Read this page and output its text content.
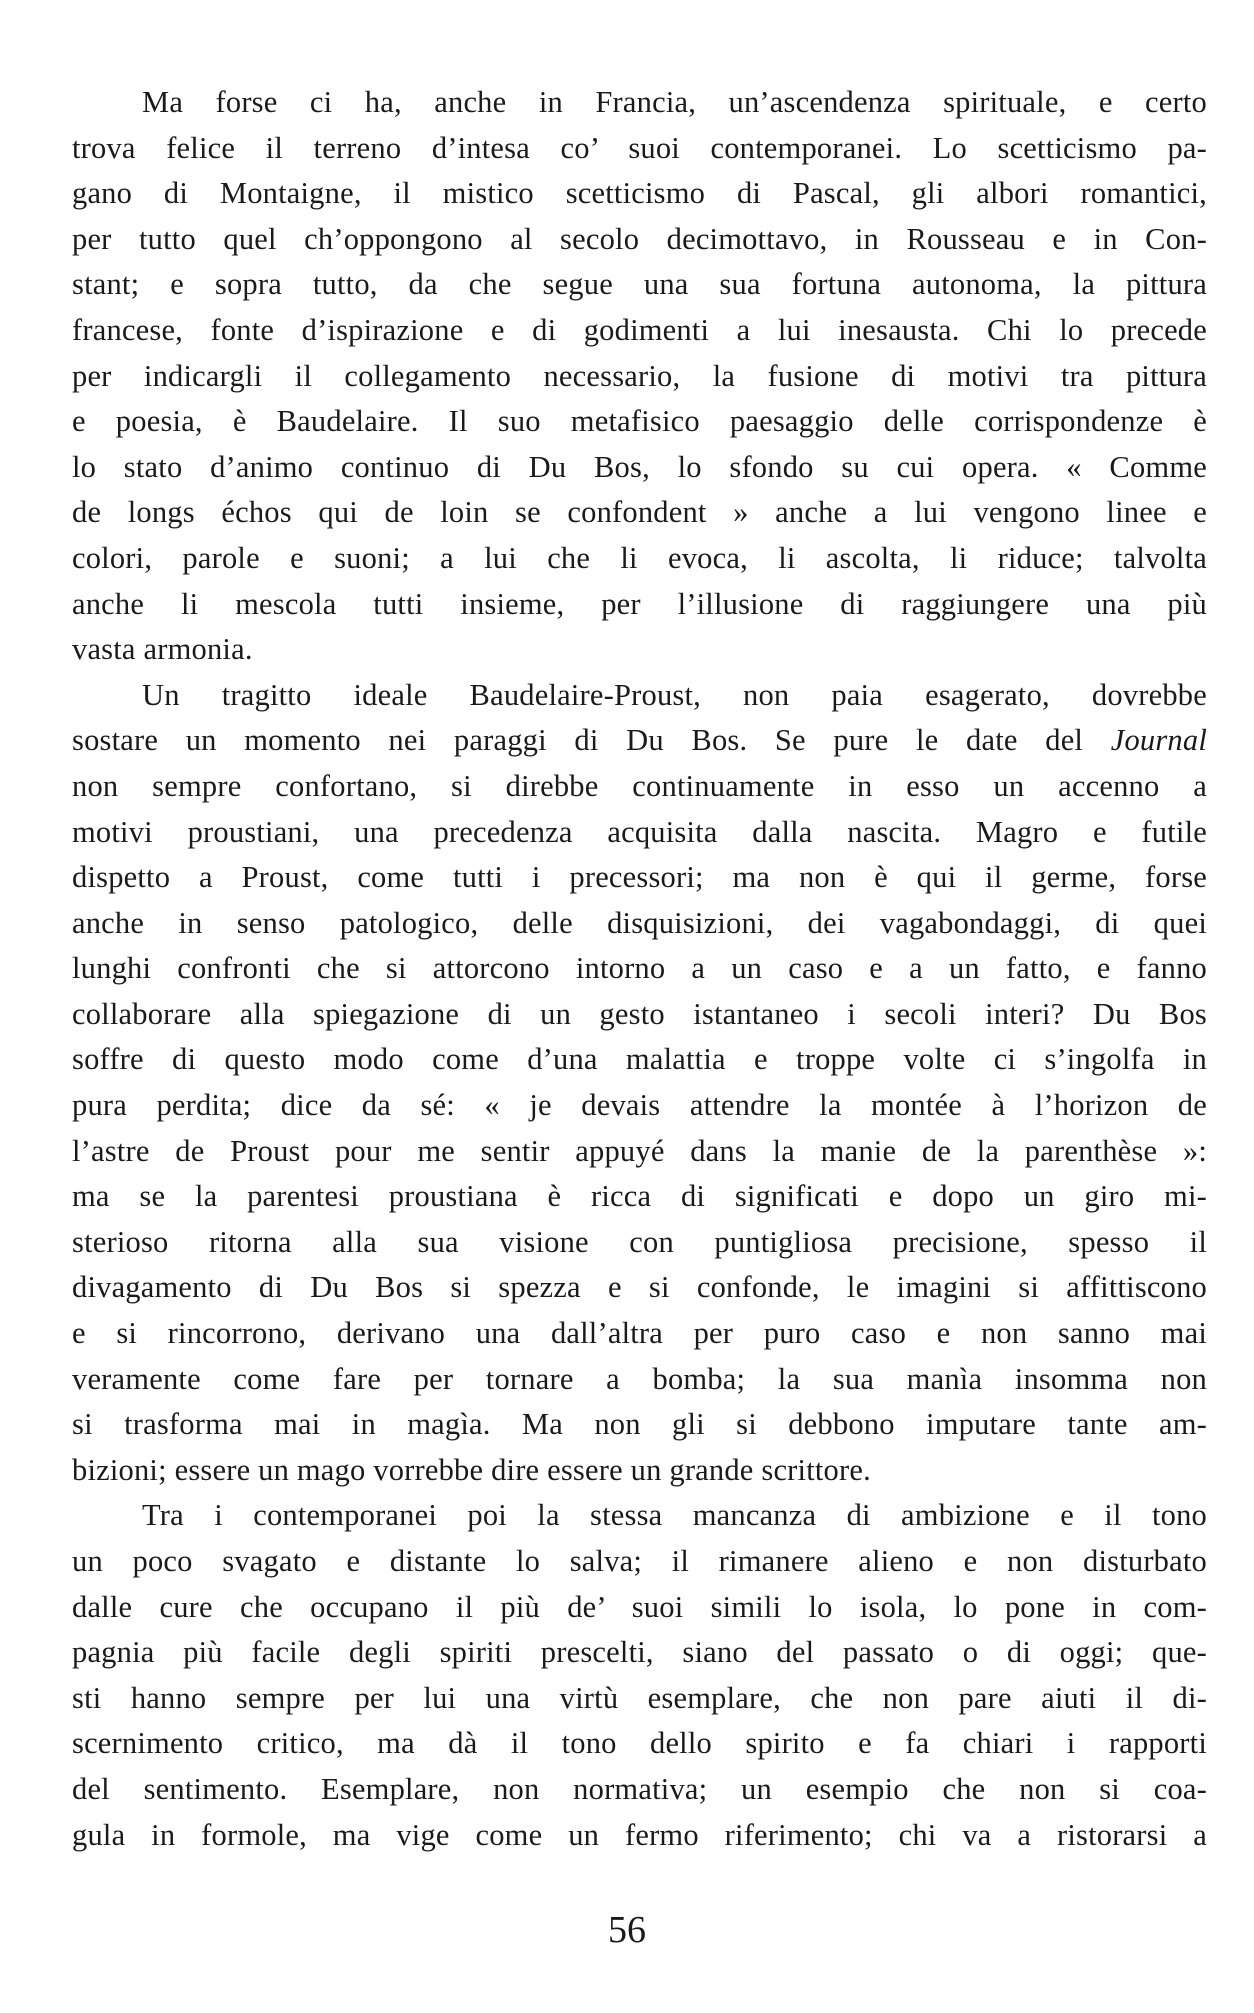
Ma forse ci ha, anche in Francia, un’ascendenza spirituale, e certo
trova felice il terreno d’intesa co’ suoi contemporanei. Lo scetticismo pa-
gano di Montaigne, il mistico scetticismo di Pascal, gli albori romantici,
per tutto quel ch’oppongono al secolo decimottavo, in Rousseau e in Con-
stant; e sopra tutto, da che segue una sua fortuna autonoma, la pittura
francese, fonte d’ispirazione e di godimenti a lui inesausta. Chi lo precede
per indicargli il collegamento necessario, la fusione di motivi tra pittura
e poesia, è Baudelaire. Il suo metafisico paesaggio delle corrispondenze è
lo stato d’animo continuo di Du Bos, lo sfondo su cui opera. « Comme
de longs échos qui de loin se confondent » anche a lui vengono linee e
colori, parole e suoni; a lui che li evoca, li ascolta, li riduce; talvolta
anche li mescola tutti insieme, per l’illusione di raggiungere una più
vasta armonia.
Un tragitto ideale Baudelaire-Proust, non paia esagerato, dovrebbe
sostare un momento nei paraggi di Du Bos. Se pure le date del Journal
non sempre confortano, si direbbe continuamente in esso un accenno a
motivi proustiani, una precedenza acquisita dalla nascita. Magro e futile
dispetto a Proust, come tutti i precessori; ma non è qui il germe, forse
anche in senso patologico, delle disquisizioni, dei vagabondaggi, di quei
lunghi confronti che si attorcono intorno a un caso e a un fatto, e fanno
collaborare alla spiegazione di un gesto istantaneo i secoli interi? Du Bos
soffre di questo modo come d’una malattia e troppe volte ci s’ingolfa in
pura perdita; dice da sé: « je devais attendre la montée à l’horizon de
l’astre de Proust pour me sentir appuyé dans la manie de la parenthèse »:
ma se la parentesi proustiana è ricca di significati e dopo un giro mi-
sterioso ritorna alla sua visione con puntigliosa precisione, spesso il
divagamento di Du Bos si spezza e si confonde, le imagini si affittiscono
e si rincorrono, derivano una dall’altra per puro caso e non sanno mai
veramente come fare per tornare a bomba; la sua manìa insomma non
si trasforma mai in magìa. Ma non gli si debbono imputare tante am-
bizioni; essere un mago vorrebbe dire essere un grande scrittore.
Tra i contemporanei poi la stessa mancanza di ambizione e il tono
un poco svagato e distante lo salva; il rimanere alieno e non disturbato
dalle cure che occupano il più de’ suoi simili lo isola, lo pone in com-
pagnia più facile degli spiriti prescelti, siano del passato o di oggi; que-
sti hanno sempre per lui una virtù esemplare, che non pare aiuti il di-
scernimento critico, ma dà il tono dello spirito e fa chiari i rapporti
del sentimento. Esemplare, non normativa; un esempio che non si coa-
gula in formole, ma vige come un fermo riferimento; chi va a ristorarsi a
56
